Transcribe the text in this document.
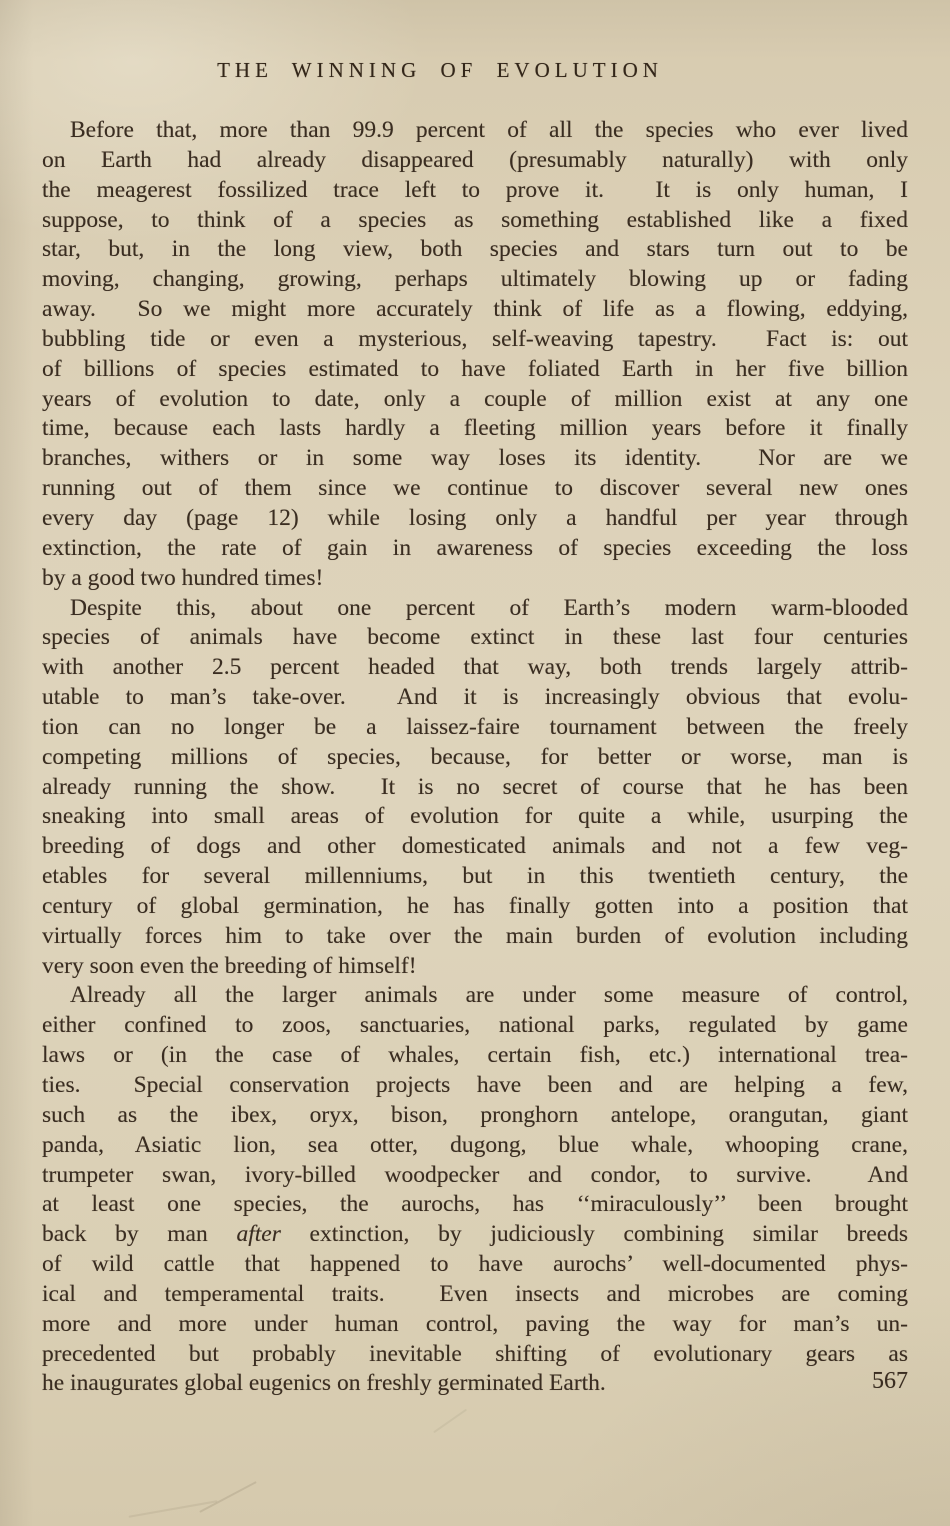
THE WINNING OF EVOLUTION
Before that, more than 99.9 percent of all the species who ever lived
on Earth had already disappeared (presumably naturally) with only
the meagerest fossilized trace left to prove it.  It is only human, I
suppose, to think of a species as something established like a fixed
star, but, in the long view, both species and stars turn out to be
moving, changing, growing, perhaps ultimately blowing up or fading
away.  So we might more accurately think of life as a flowing, eddying,
bubbling tide or even a mysterious, self-weaving tapestry.  Fact is: out
of billions of species estimated to have foliated Earth in her five billion
years of evolution to date, only a couple of million exist at any one
time, because each lasts hardly a fleeting million years before it finally
branches, withers or in some way loses its identity.  Nor are we
running out of them since we continue to discover several new ones
every day (page 12) while losing only a handful per year through
extinction, the rate of gain in awareness of species exceeding the loss
by a good two hundred times!
Despite this, about one percent of Earth’s modern warm-blooded
species of animals have become extinct in these last four centuries
with another 2.5 percent headed that way, both trends largely attrib-
utable to man’s take-over.  And it is increasingly obvious that evolu-
tion can no longer be a laissez-faire tournament between the freely
competing millions of species, because, for better or worse, man is
already running the show.  It is no secret of course that he has been
sneaking into small areas of evolution for quite a while, usurping the
breeding of dogs and other domesticated animals and not a few veg-
etables for several millenniums, but in this twentieth century, the
century of global germination, he has finally gotten into a position that
virtually forces him to take over the main burden of evolution including
very soon even the breeding of himself!
Already all the larger animals are under some measure of control,
either confined to zoos, sanctuaries, national parks, regulated by game
laws or (in the case of whales, certain fish, etc.) international trea-
ties.  Special conservation projects have been and are helping a few,
such as the ibex, oryx, bison, pronghorn antelope, orangutan, giant
panda, Asiatic lion, sea otter, dugong, blue whale, whooping crane,
trumpeter swan, ivory-billed woodpecker and condor, to survive.  And
at least one species, the aurochs, has ‘‘miraculously’’ been brought
back by man after extinction, by judiciously combining similar breeds
of wild cattle that happened to have aurochs’ well-documented phys-
ical and temperamental traits.  Even insects and microbes are coming
more and more under human control, paving the way for man’s un-
precedented but probably inevitable shifting of evolutionary gears as
he inaugurates global eugenics on freshly germinated Earth.	567
